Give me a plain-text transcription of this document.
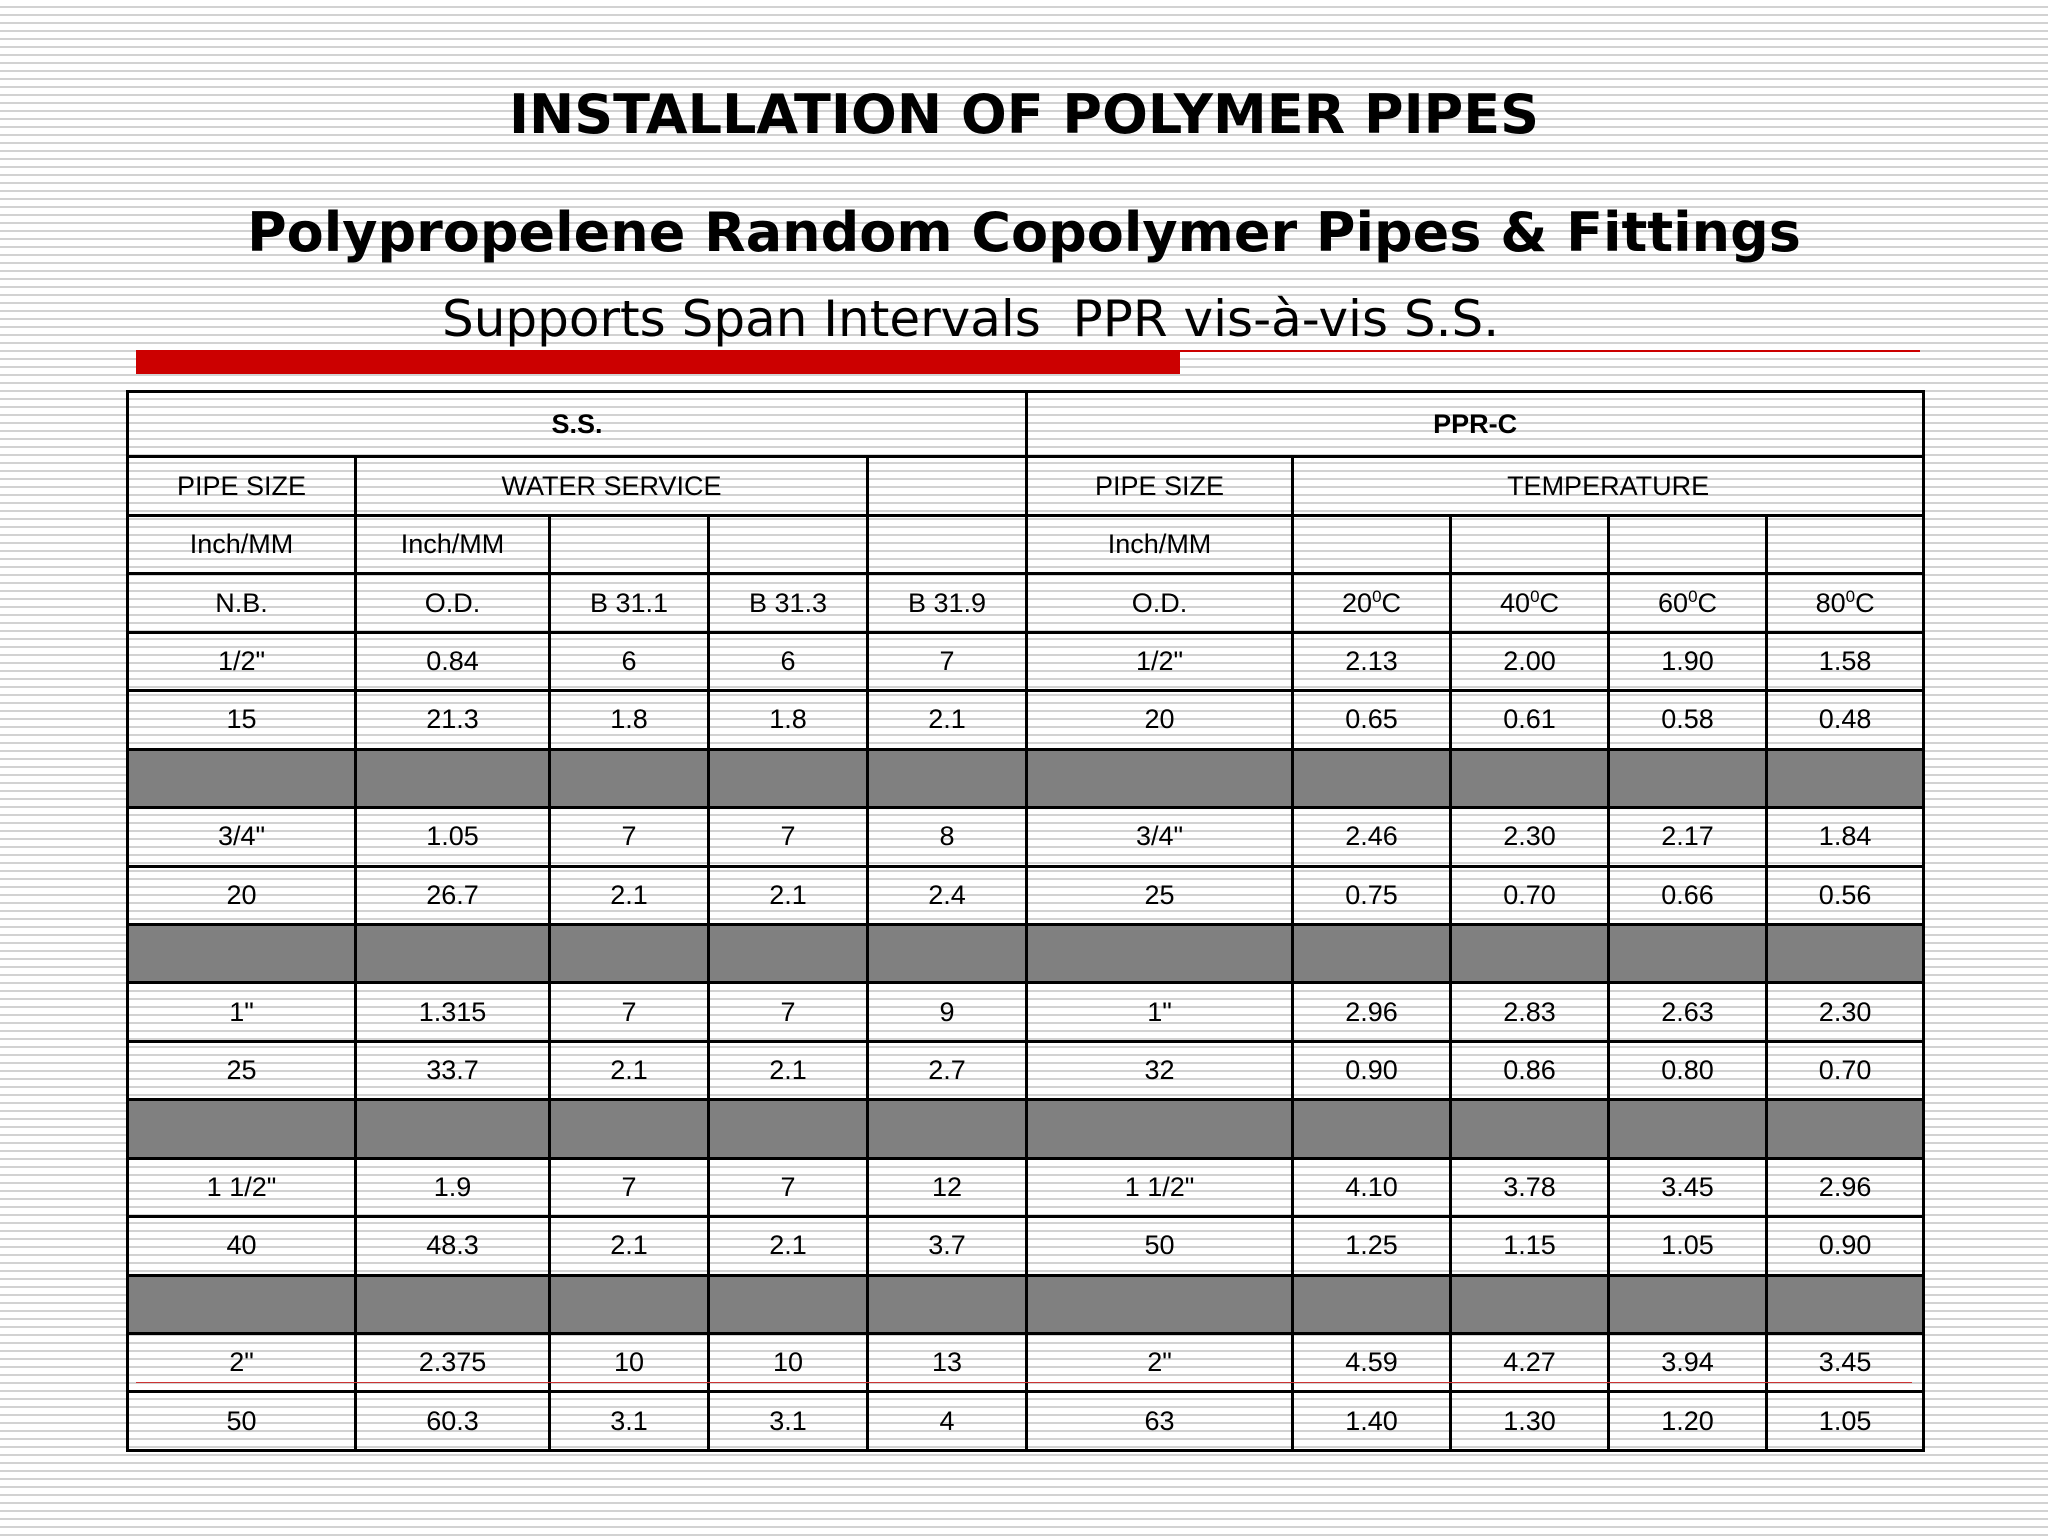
INSTALLATION OF POLYMER PIPES
Polypropelene Random Copolymer Pipes & Fittings
Supports Span Intervals  PPR vis-à-vis S.S.
S.S.					PPR-C				
PIPE SIZE	WATER SERVICE				PIPE SIZE	TEMPERATURE			
Inch/MM	Inch/MM				Inch/MM				
N.B.	O.D.	B 31.1	B 31.3	B 31.9	O.D.	$20^0C$	$40^0C$	$60^0C$	$80^0C$
1/2"	0.84	6	6	7	1/2"	2.13	2.00	1.90	1.58
15	21.3	1.8	1.8	2.1	20	0.65	0.61	0.58	0.48

3/4"	1.05	7	7	8	3/4"	2.46	2.30	2.17	1.84
20	26.7	2.1	2.1	2.4	25	0.75	0.70	0.66	0.56

1"	1.315	7	7	9	1"	2.96	2.83	2.63	2.30
25	33.7	2.1	2.1	2.7	32	0.90	0.86	0.80	0.70

1 1/2"	1.9	7	7	12	1 1/2"	4.10	3.78	3.45	2.96
40	48.3	2.1	2.1	3.7	50	1.25	1.15	1.05	0.90

2"	2.375	10	10	13	2"	4.59	4.27	3.94	3.45
50	60.3	3.1	3.1	4	63	1.40	1.30	1.20	1.05
